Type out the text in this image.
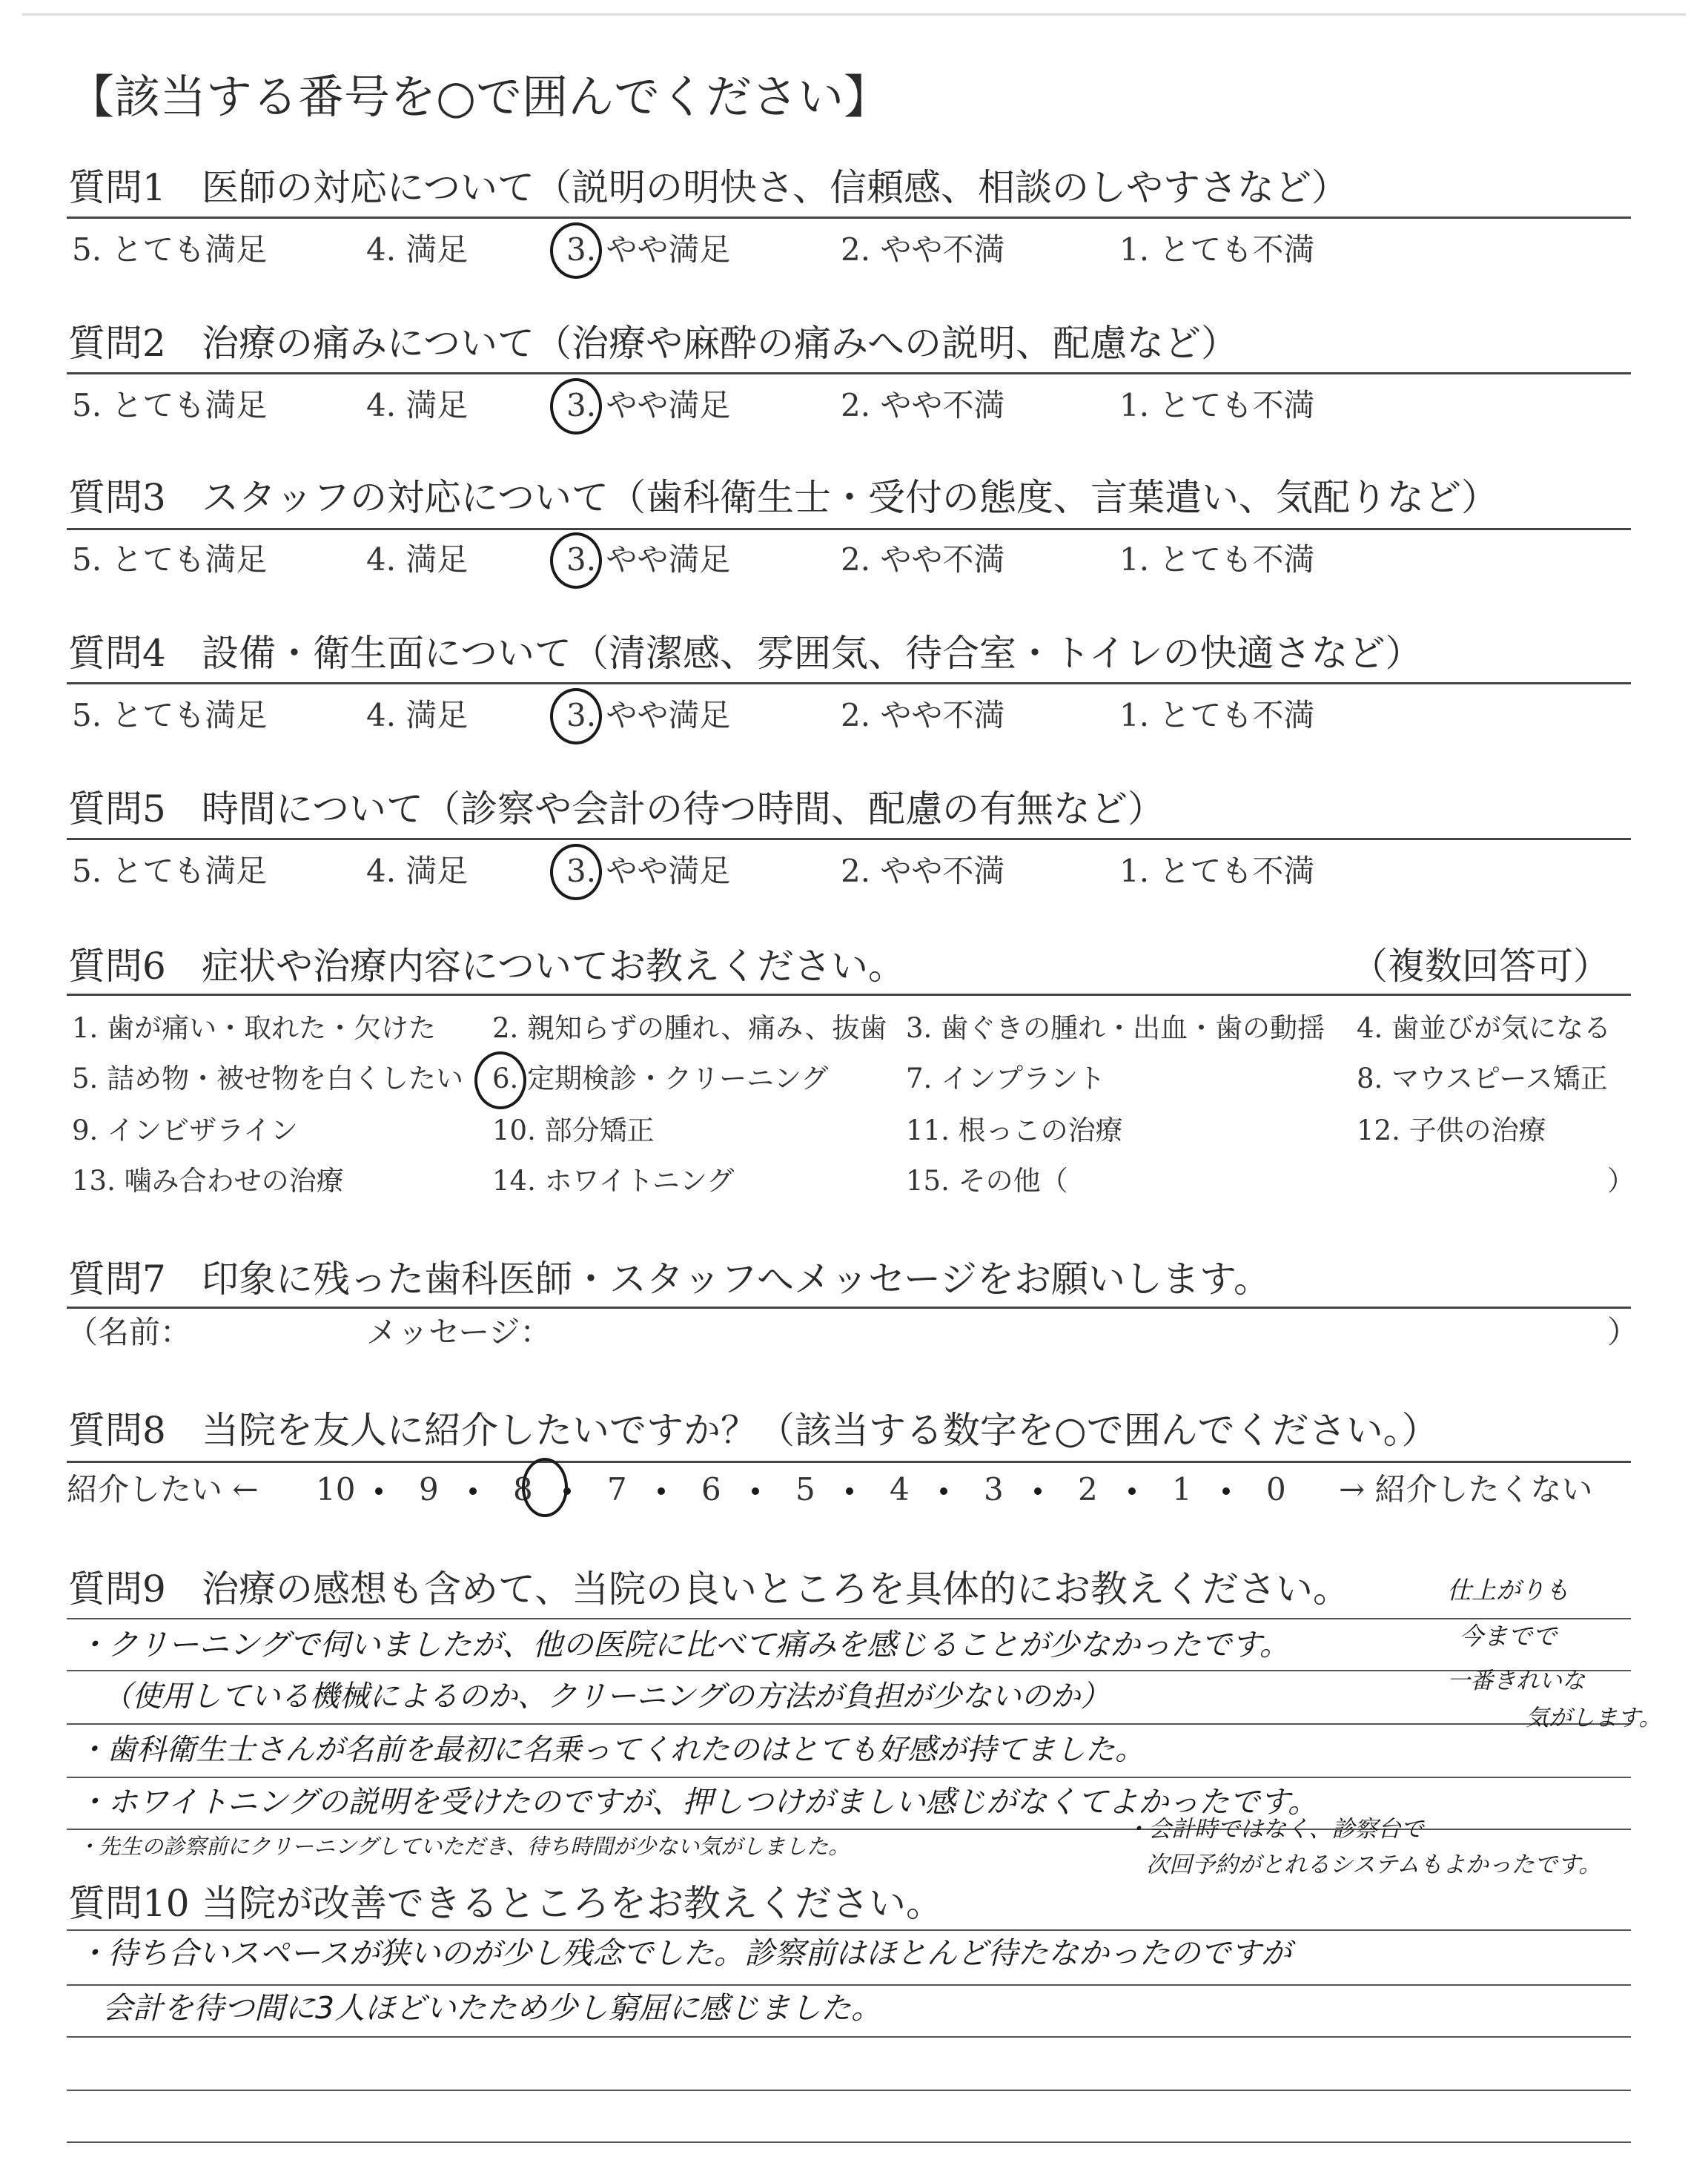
【該当する番号を○で囲んでください】
質問1 医師の対応について（説明の明快さ、信頼感、相談のしやすさなど）
5. とても満足	4. 満足	3. やや満足	2. やや不満	1. とても不満
質問2 治療の痛みについて（治療や麻酔の痛みへの説明、配慮など）
5. とても満足	4. 満足	3. やや満足	2. やや不満	1. とても不満
質問3 スタッフの対応について（歯科衛生士・受付の態度、言葉遣い、気配りなど）
5. とても満足	4. 満足	3. やや満足	2. やや不満	1. とても不満
質問4 設備・衛生面について（清潔感、雰囲気、待合室・トイレの快適さなど）
5. とても満足	4. 満足	3. やや満足	2. やや不満	1. とても不満
質問5 時間について（診察や会計の待つ時間、配慮の有無など）
5. とても満足	4. 満足	3. やや満足	2. やや不満	1. とても不満
質問6 症状や治療内容についてお教えください。	（複数回答可）
1. 歯が痛い・取れた・欠けた 2. 親知らずの腫れ、痛み、抜歯 3. 歯ぐきの腫れ・出血・歯の動揺 4. 歯並びが気になる
5. 詰め物・被せ物を白くしたい 6. 定期検診・クリーニング	7. インプラント	8. マウスピース矯正
9. インビザライン	10. 部分矯正	11. 根っこの治療	12. 子供の治療
13. 噛み合わせの治療	14. ホワイトニング	15. その他（	）
質問7 印象に残った歯科医師・スタッフへメッセージをお願いします。
（名前：	メッセージ：	）
質問8 当院を友人に紹介したいですか？（該当する数字を○で囲んでください。）
紹介したい ←	→ 紹介したくない
10 9 8 7 6 5 4 3 2 1 0
質問9 治療の感想も含めて、当院の良いところを具体的にお教えください。
・クリーニングで伺いましたが、他の医院に比べて痛みを感じることが少なかったです。
（使用している機械によるのか、クリーニングの方法が負担が少ないのか）
・歯科衛生士さんが名前を最初に名乗ってくれたのはとても好感が持てました。
・ホワイトニングの説明を受けたのですが、押しつけがましい感じがなくてよかったです。
・先生の診察前にクリーニングしていただき、待ち時間が少ない気がしました。
仕上がりも
今までで
一番きれいな
気がします。
・会計時ではなく、診察台で
次回予約がとれるシステムもよかったです。
質問10 当院が改善できるところをお教えください。
・待ち合いスペースが狭いのが少し残念でした。診察前はほとんど待たなかったのですが
会計を待つ間に3人ほどいたため少し窮屈に感じました。
